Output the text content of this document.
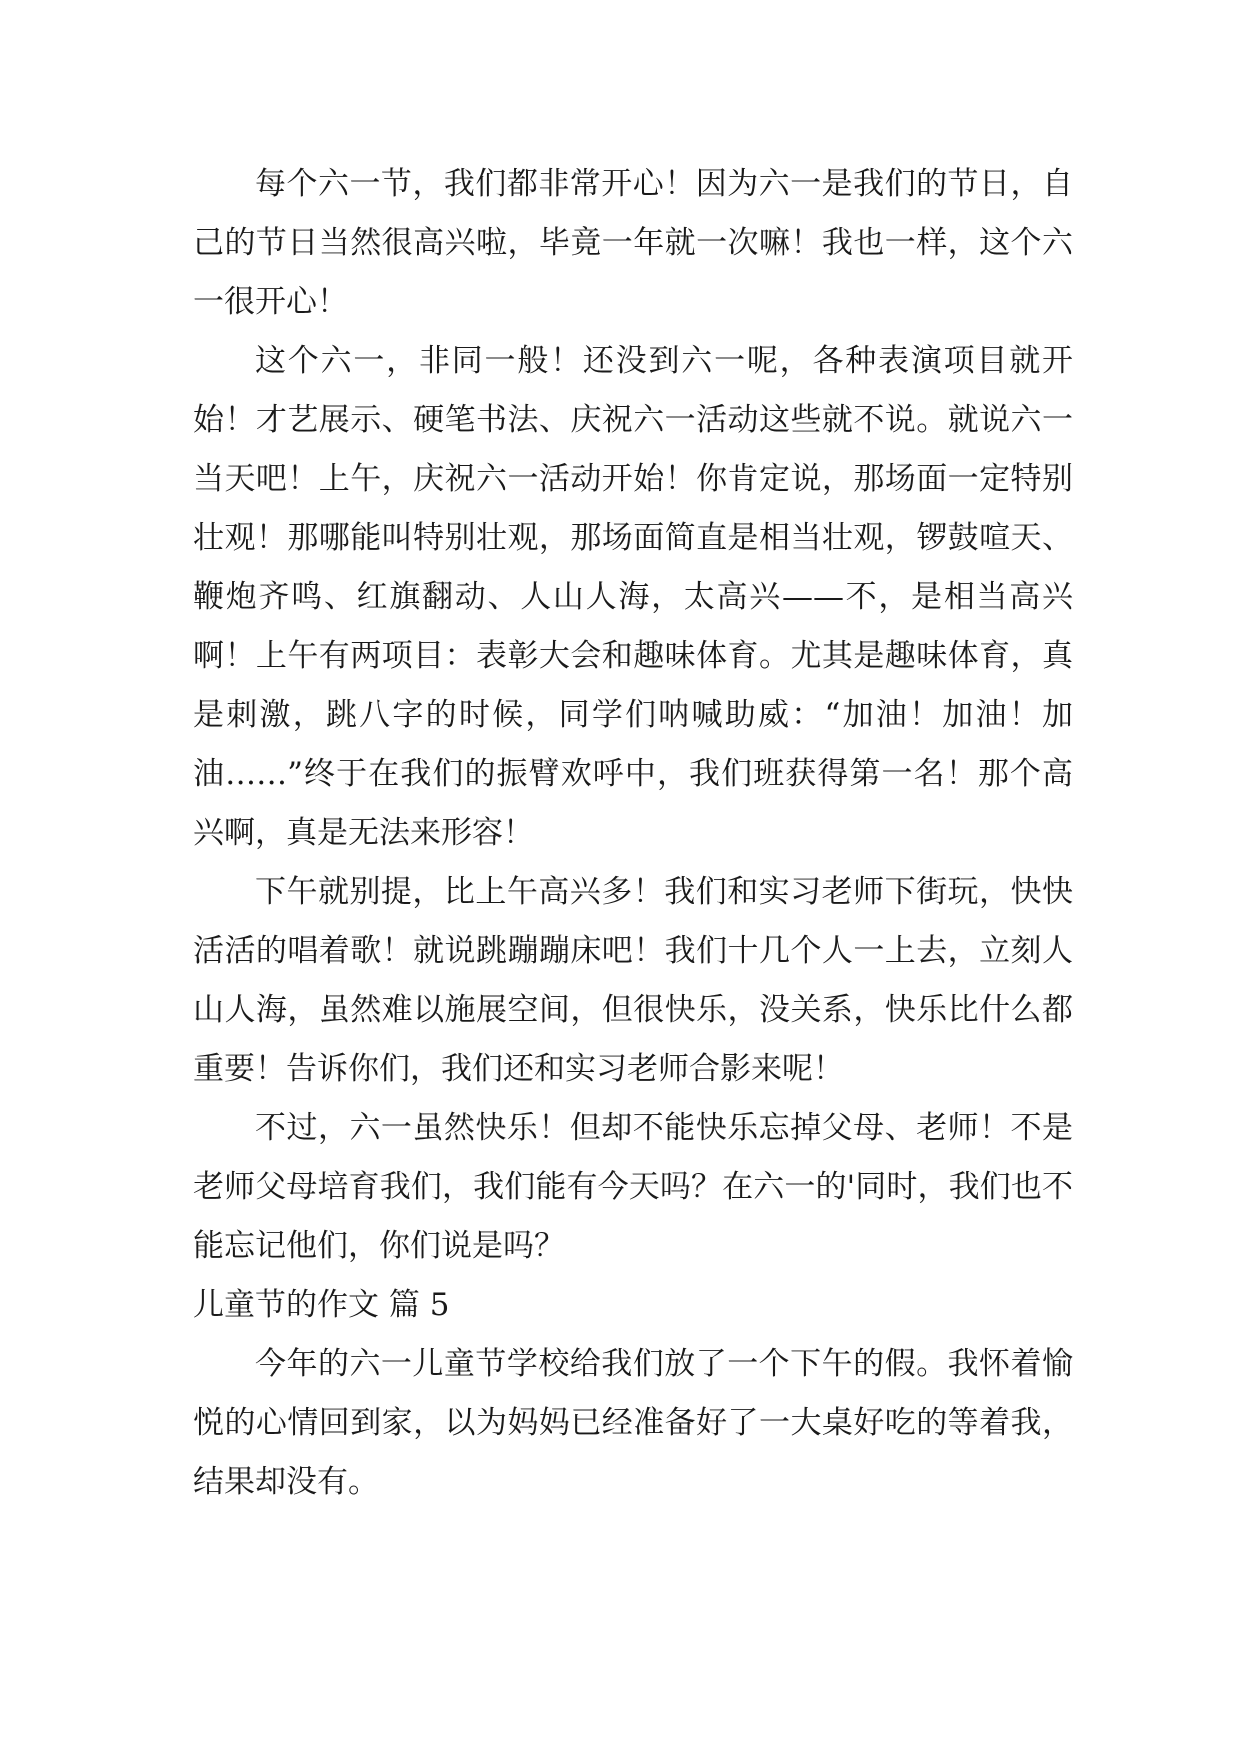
每个六一节，我们都非常开心！因为六一是我们的节日，自己的节日当然很高兴啦，毕竟一年就一次嘛！我也一样，这个六一很开心！

这个六一，非同一般！还没到六一呢，各种表演项目就开始！才艺展示、硬笔书法、庆祝六一活动这些就不说。就说六一当天吧！上午，庆祝六一活动开始！你肯定说，那场面一定特别壮观！那哪能叫特别壮观，那场面简直是相当壮观，锣鼓喧天、鞭炮齐鸣、红旗翻动、人山人海，太高兴——不，是相当高兴啊！上午有两项目：表彰大会和趣味体育。尤其是趣味体育，真是刺激，跳八字的时候，同学们呐喊助威：“加油！加油！加油……”终于在我们的振臂欢呼中，我们班获得第一名！那个高兴啊，真是无法来形容！

下午就别提，比上午高兴多！我们和实习老师下街玩，快快活活的唱着歌！就说跳蹦蹦床吧！我们十几个人一上去，立刻人山人海，虽然难以施展空间，但很快乐，没关系，快乐比什么都重要！告诉你们，我们还和实习老师合影来呢！

不过，六一虽然快乐！但却不能快乐忘掉父母、老师！不是老师父母培育我们，我们能有今天吗？在六一的'同时，我们也不能忘记他们，你们说是吗？

儿童节的作文 篇 5

今年的六一儿童节学校给我们放了一个下午的假。我怀着愉悦的心情回到家，以为妈妈已经准备好了一大桌好吃的等着我，结果却没有。
